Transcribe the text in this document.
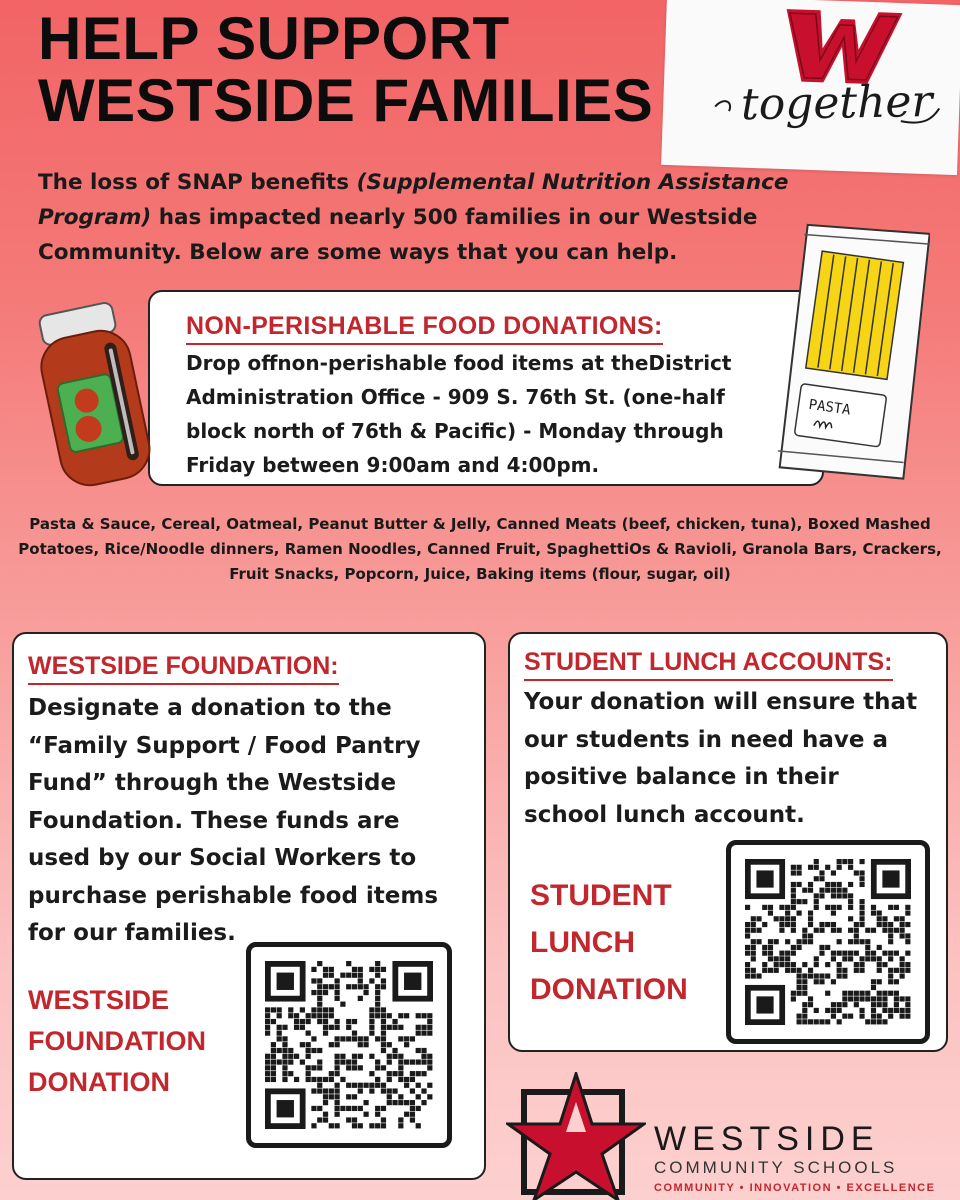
HELP SUPPORT
WESTSIDE FAMILIES	together
The loss of SNAP benefits (Supplemental Nutrition Assistance Program) has impacted nearly 500 families in our Westside Community. Below are some ways that you can help.
NON-PERISHABLE FOOD DONATIONS:
Drop offnon-perishable food items at theDistrict Administration Office - 909 S. 76th St. (one-half block north of 76th & Pacific) - Monday through Friday between 9:00am and 4:00pm.
PASTA
Pasta & Sauce, Cereal, Oatmeal, Peanut Butter & Jelly, Canned Meats (beef, chicken, tuna), Boxed Mashed Potatoes, Rice/Noodle dinners, Ramen Noodles, Canned Fruit, SpaghettiOs & Ravioli, Granola Bars, Crackers, Fruit Snacks, Popcorn, Juice, Baking items (flour, sugar, oil)
WESTSIDE FOUNDATION:
Designate a donation to the “Family Support / Food Pantry Fund” through the Westside Foundation. These funds are used by our Social Workers to purchase perishable food items for our families.
WESTSIDE
FOUNDATION
DONATION
STUDENT LUNCH ACCOUNTS:
Your donation will ensure that our students in need have a positive balance in their school lunch account.
STUDENT
LUNCH
DONATION
WESTSIDE
COMMUNITY SCHOOLS
COMMUNITY • INNOVATION • EXCELLENCE
